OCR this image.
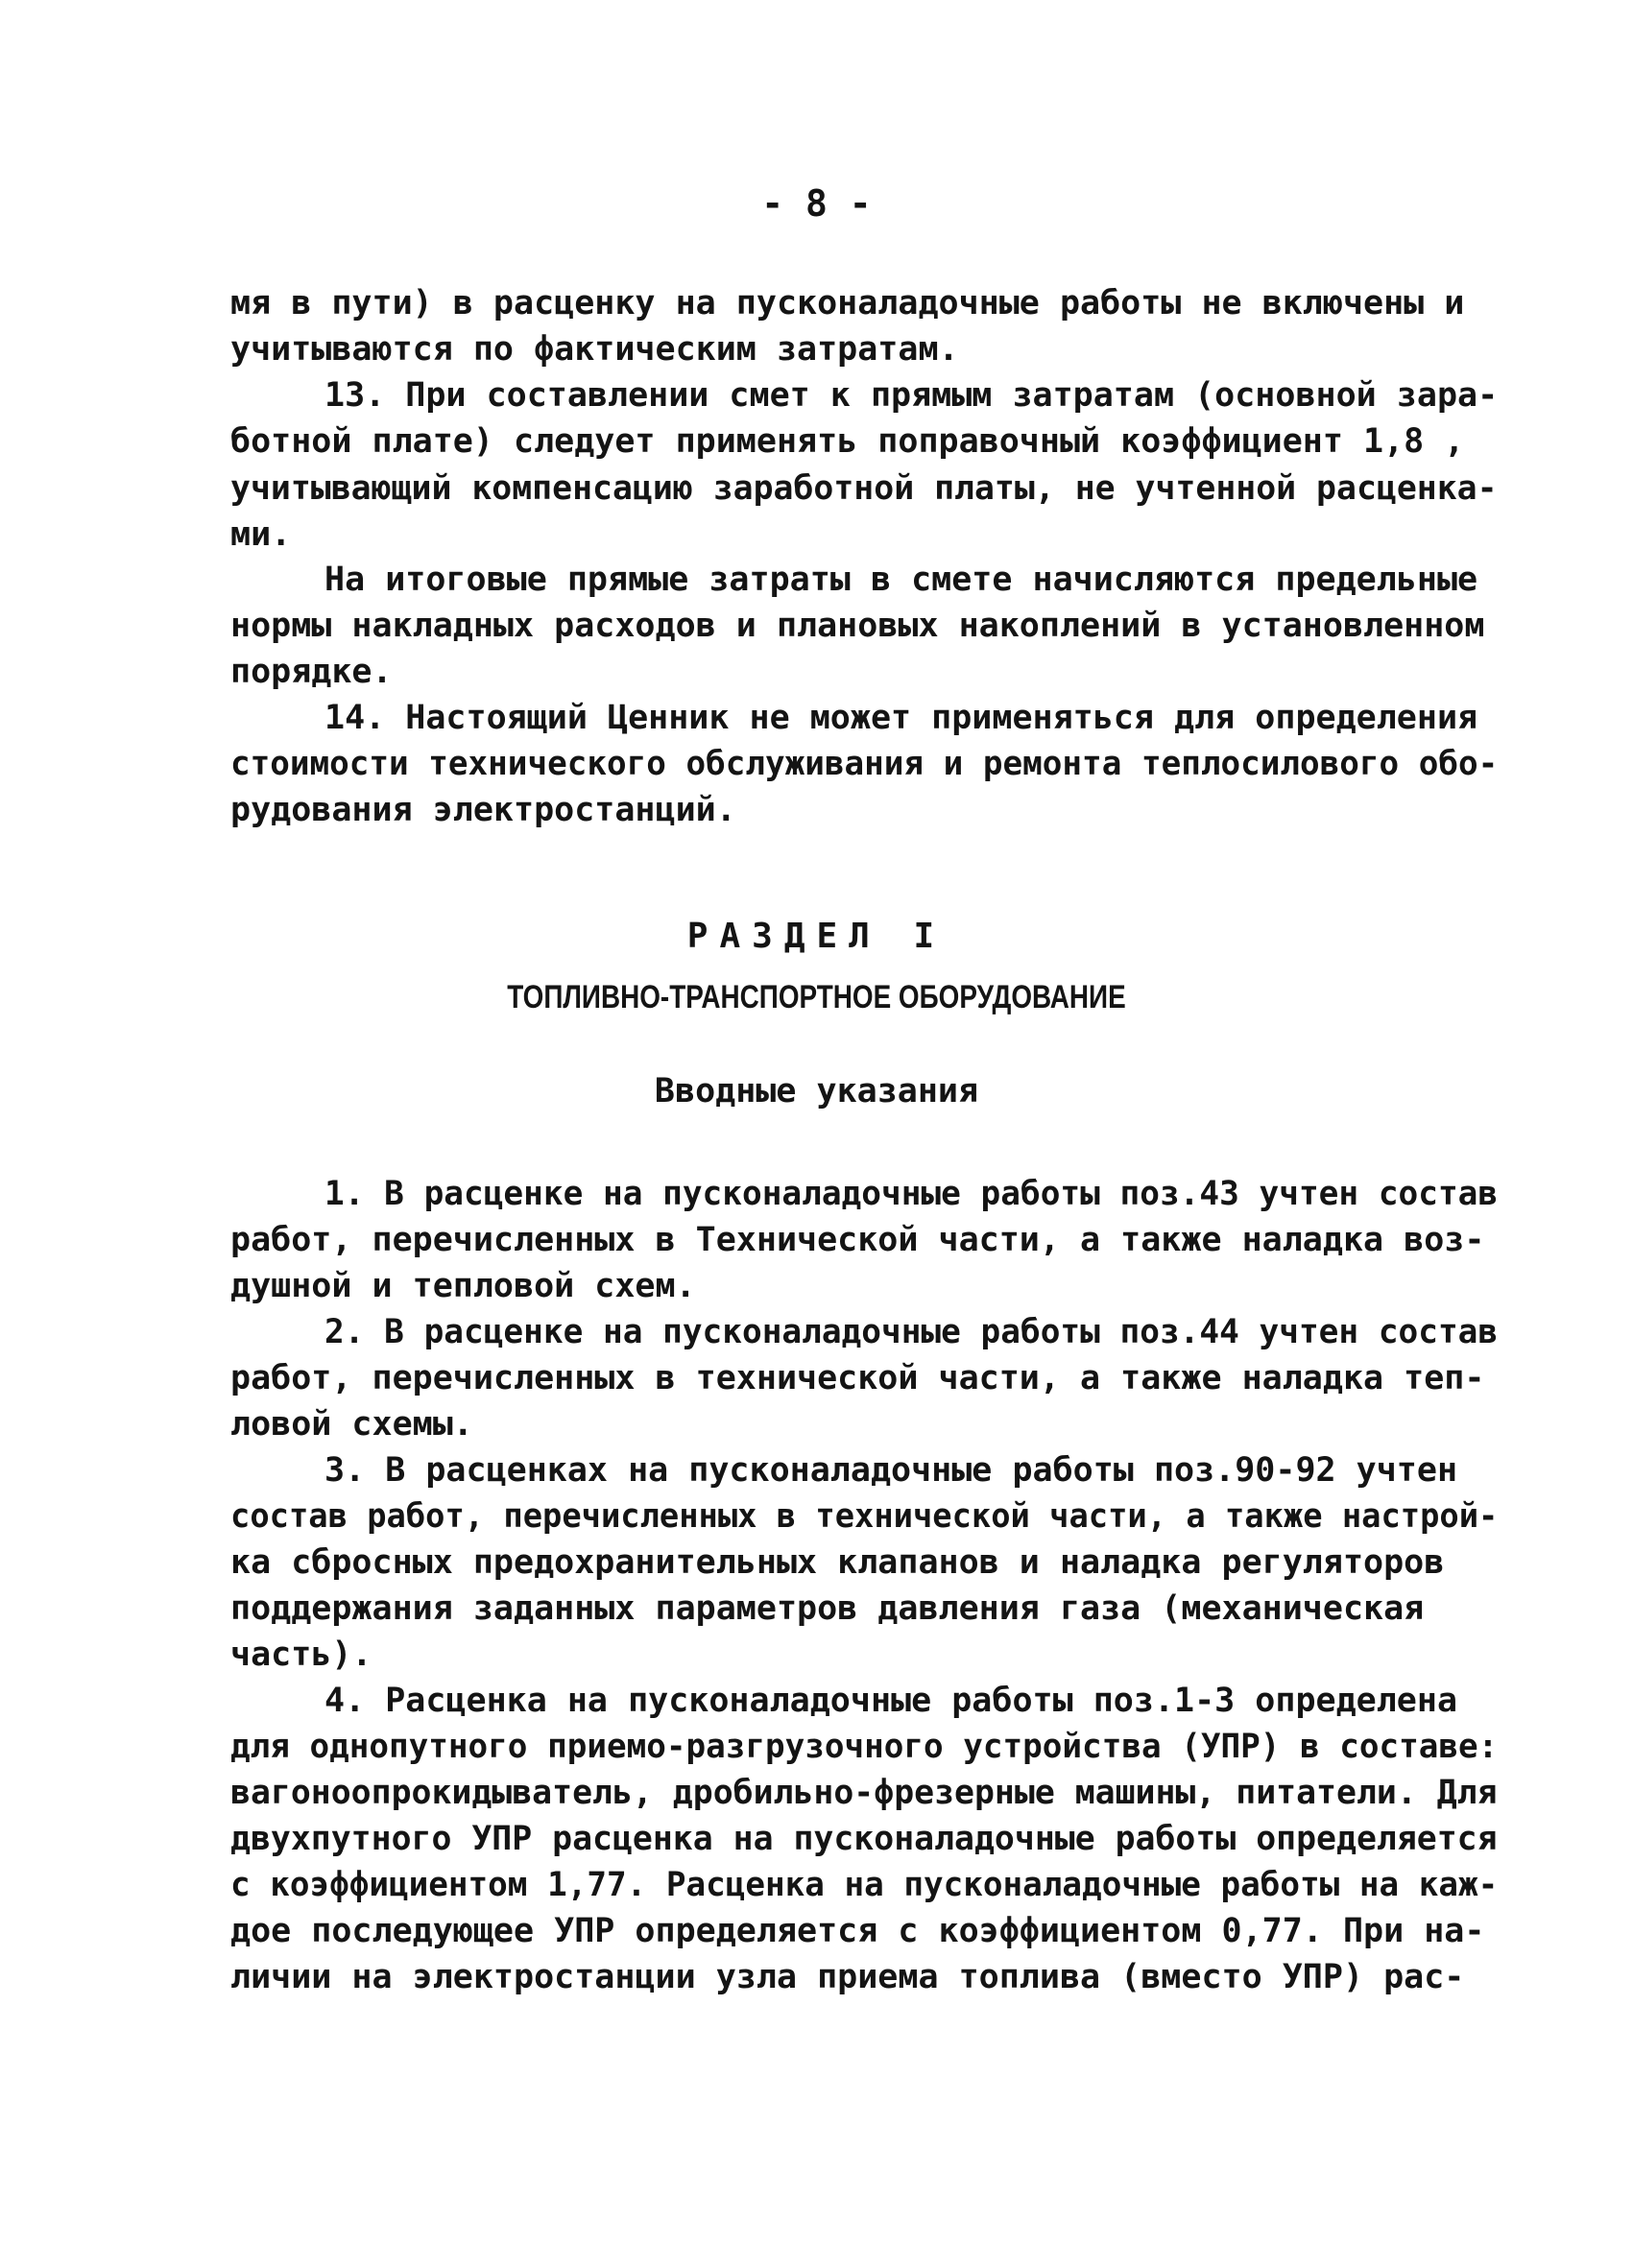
- 8 -
мя в пути) в расценку на пусконаладочные работы не включены и
учитываются по фактическим затратам.
13. При составлении смет к прямым затратам (основной зара-
ботной плате) следует применять поправочный коэффициент 1,8 ,
учитывающий компенсацию заработной платы, не учтенной расценка-
ми.
На итоговые прямые затраты в смете начисляются предельные
нормы накладных расходов и плановых накоплений в установленном
порядке.
14. Настоящий Ценник не может применяться для определения
стоимости технического обслуживания и ремонта теплосилового обо-
рудования электростанций.
РАЗДЕЛ I
ТОПЛИВНО-ТРАНСПОРТНОЕ ОБОРУДОВАНИЕ
Вводные указания
1. В расценке на пусконаладочные работы поз.43 учтен состав
работ, перечисленных в Технической части, а также наладка воз-
душной и тепловой схем.
2. В расценке на пусконаладочные работы поз.44 учтен состав
работ, перечисленных в технической части, а также наладка теп-
ловой схемы.
3. В расценках на пусконаладочные работы поз.90-92 учтен
состав работ, перечисленных в технической части, а также настрой-
ка сбросных предохранительных клапанов и наладка регуляторов
поддержания заданных параметров давления газа (механическая
часть).
4. Расценка на пусконаладочные работы поз.1-3 определена
для однопутного приемо-разгрузочного устройства (УПР) в составе:
вагоноопрокидыватель, дробильно-фрезерные машины, питатели. Для
двухпутного УПР расценка на пусконаладочные работы определяется
с коэффициентом 1,77. Расценка на пусконаладочные работы на каж-
дое последующее УПР определяется с коэффициентом 0,77. При на-
личии на электростанции узла приема топлива (вместо УПР) рас-
